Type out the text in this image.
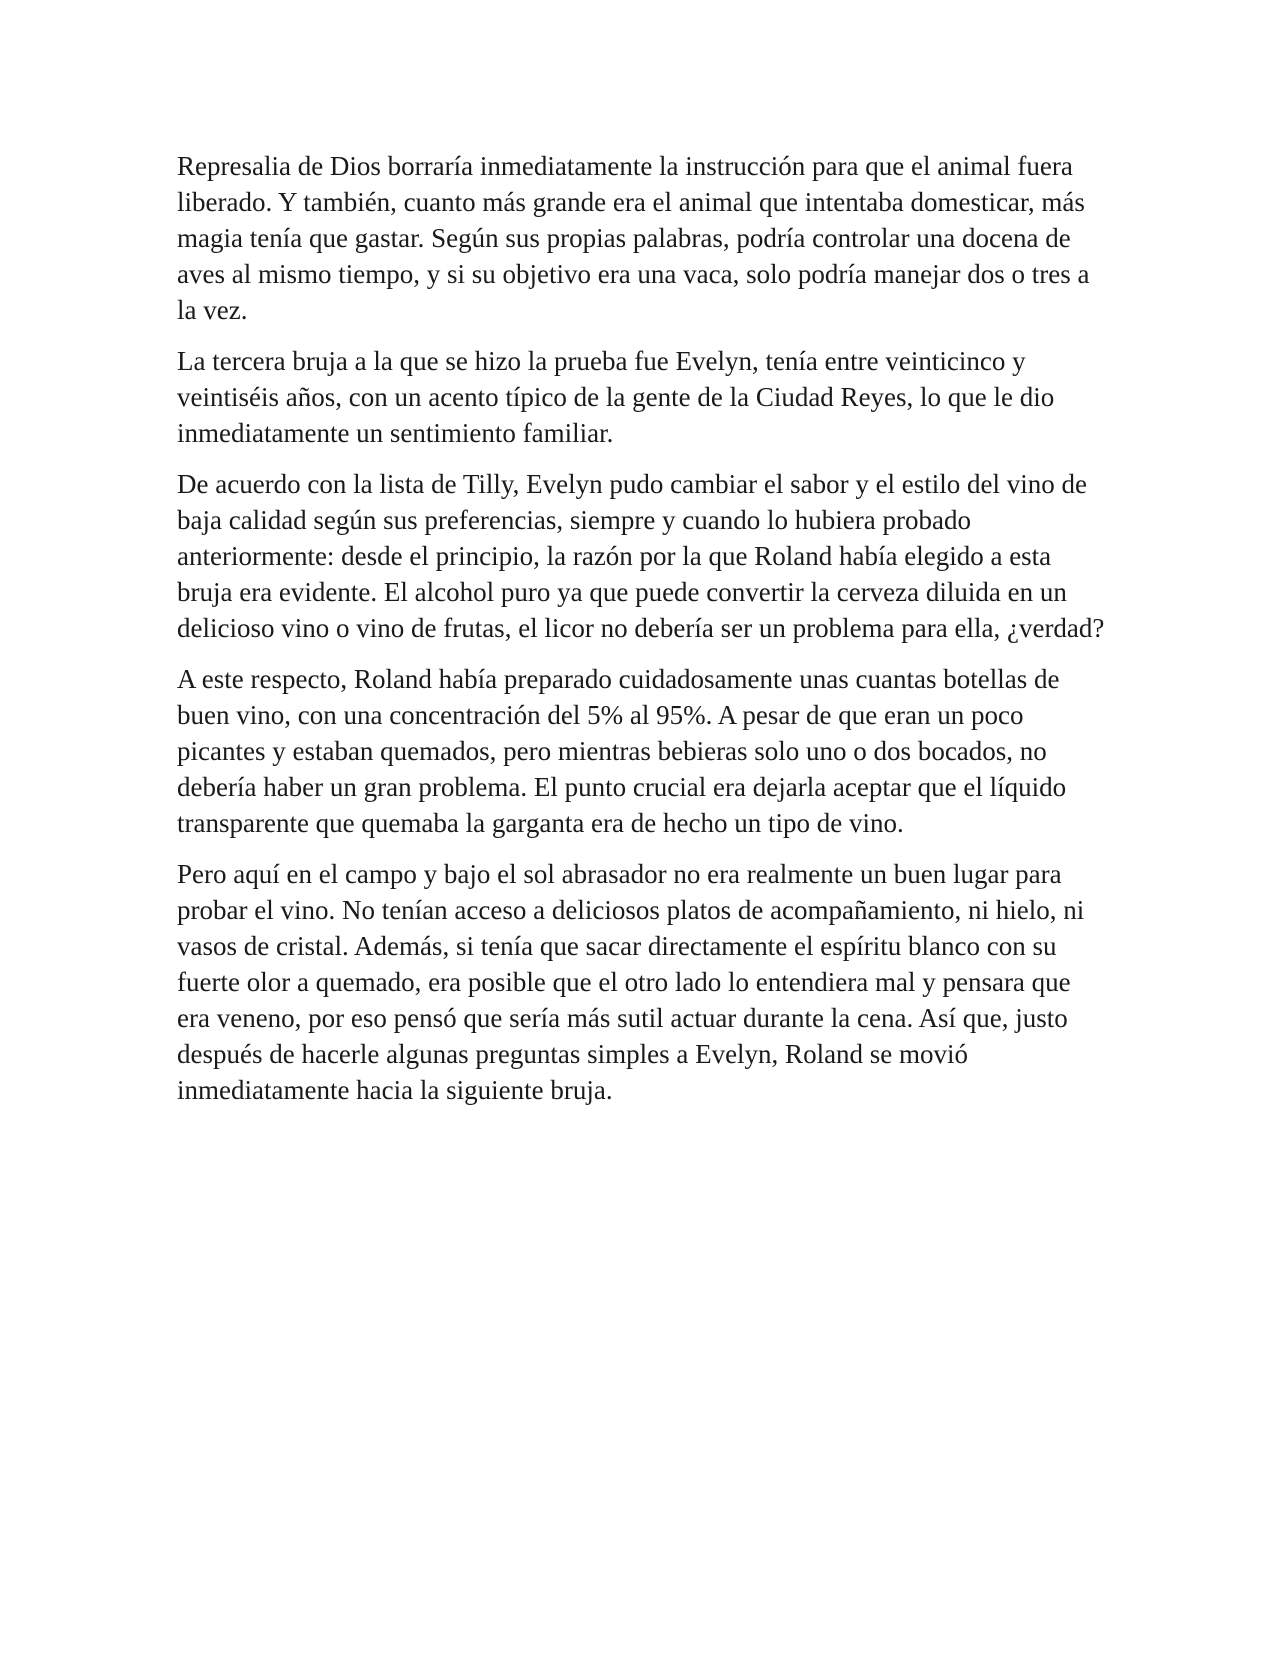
Represalia de Dios borraría inmediatamente la instrucción para que el animal fuera liberado. Y también, cuanto más grande era el animal que intentaba domesticar, más magia tenía que gastar. Según sus propias palabras, podría controlar una docena de aves al mismo tiempo, y si su objetivo era una vaca, solo podría manejar dos o tres a la vez.

La tercera bruja a la que se hizo la prueba fue Evelyn, tenía entre veinticinco y veintiséis años, con un acento típico de la gente de la Ciudad Reyes, lo que le dio inmediatamente un sentimiento familiar.

De acuerdo con la lista de Tilly, Evelyn pudo cambiar el sabor y el estilo del vino de baja calidad según sus preferencias, siempre y cuando lo hubiera probado anteriormente: desde el principio, la razón por la que Roland había elegido a esta bruja era evidente. El alcohol puro ya que puede convertir la cerveza diluida en un delicioso vino o vino de frutas, el licor no debería ser un problema para ella, ¿verdad?

A este respecto, Roland había preparado cuidadosamente unas cuantas botellas de buen vino, con una concentración del 5% al 95%. A pesar de que eran un poco picantes y estaban quemados, pero mientras bebieras solo uno o dos bocados, no debería haber un gran problema. El punto crucial era dejarla aceptar que el líquido transparente que quemaba la garganta era de hecho un tipo de vino.

Pero aquí en el campo y bajo el sol abrasador no era realmente un buen lugar para probar el vino. No tenían acceso a deliciosos platos de acompañamiento, ni hielo, ni vasos de cristal. Además, si tenía que sacar directamente el espíritu blanco con su fuerte olor a quemado, era posible que el otro lado lo entendiera mal y pensara que era veneno, por eso pensó que sería más sutil actuar durante la cena. Así que, justo después de hacerle algunas preguntas simples a Evelyn, Roland se movió inmediatamente hacia la siguiente bruja.
